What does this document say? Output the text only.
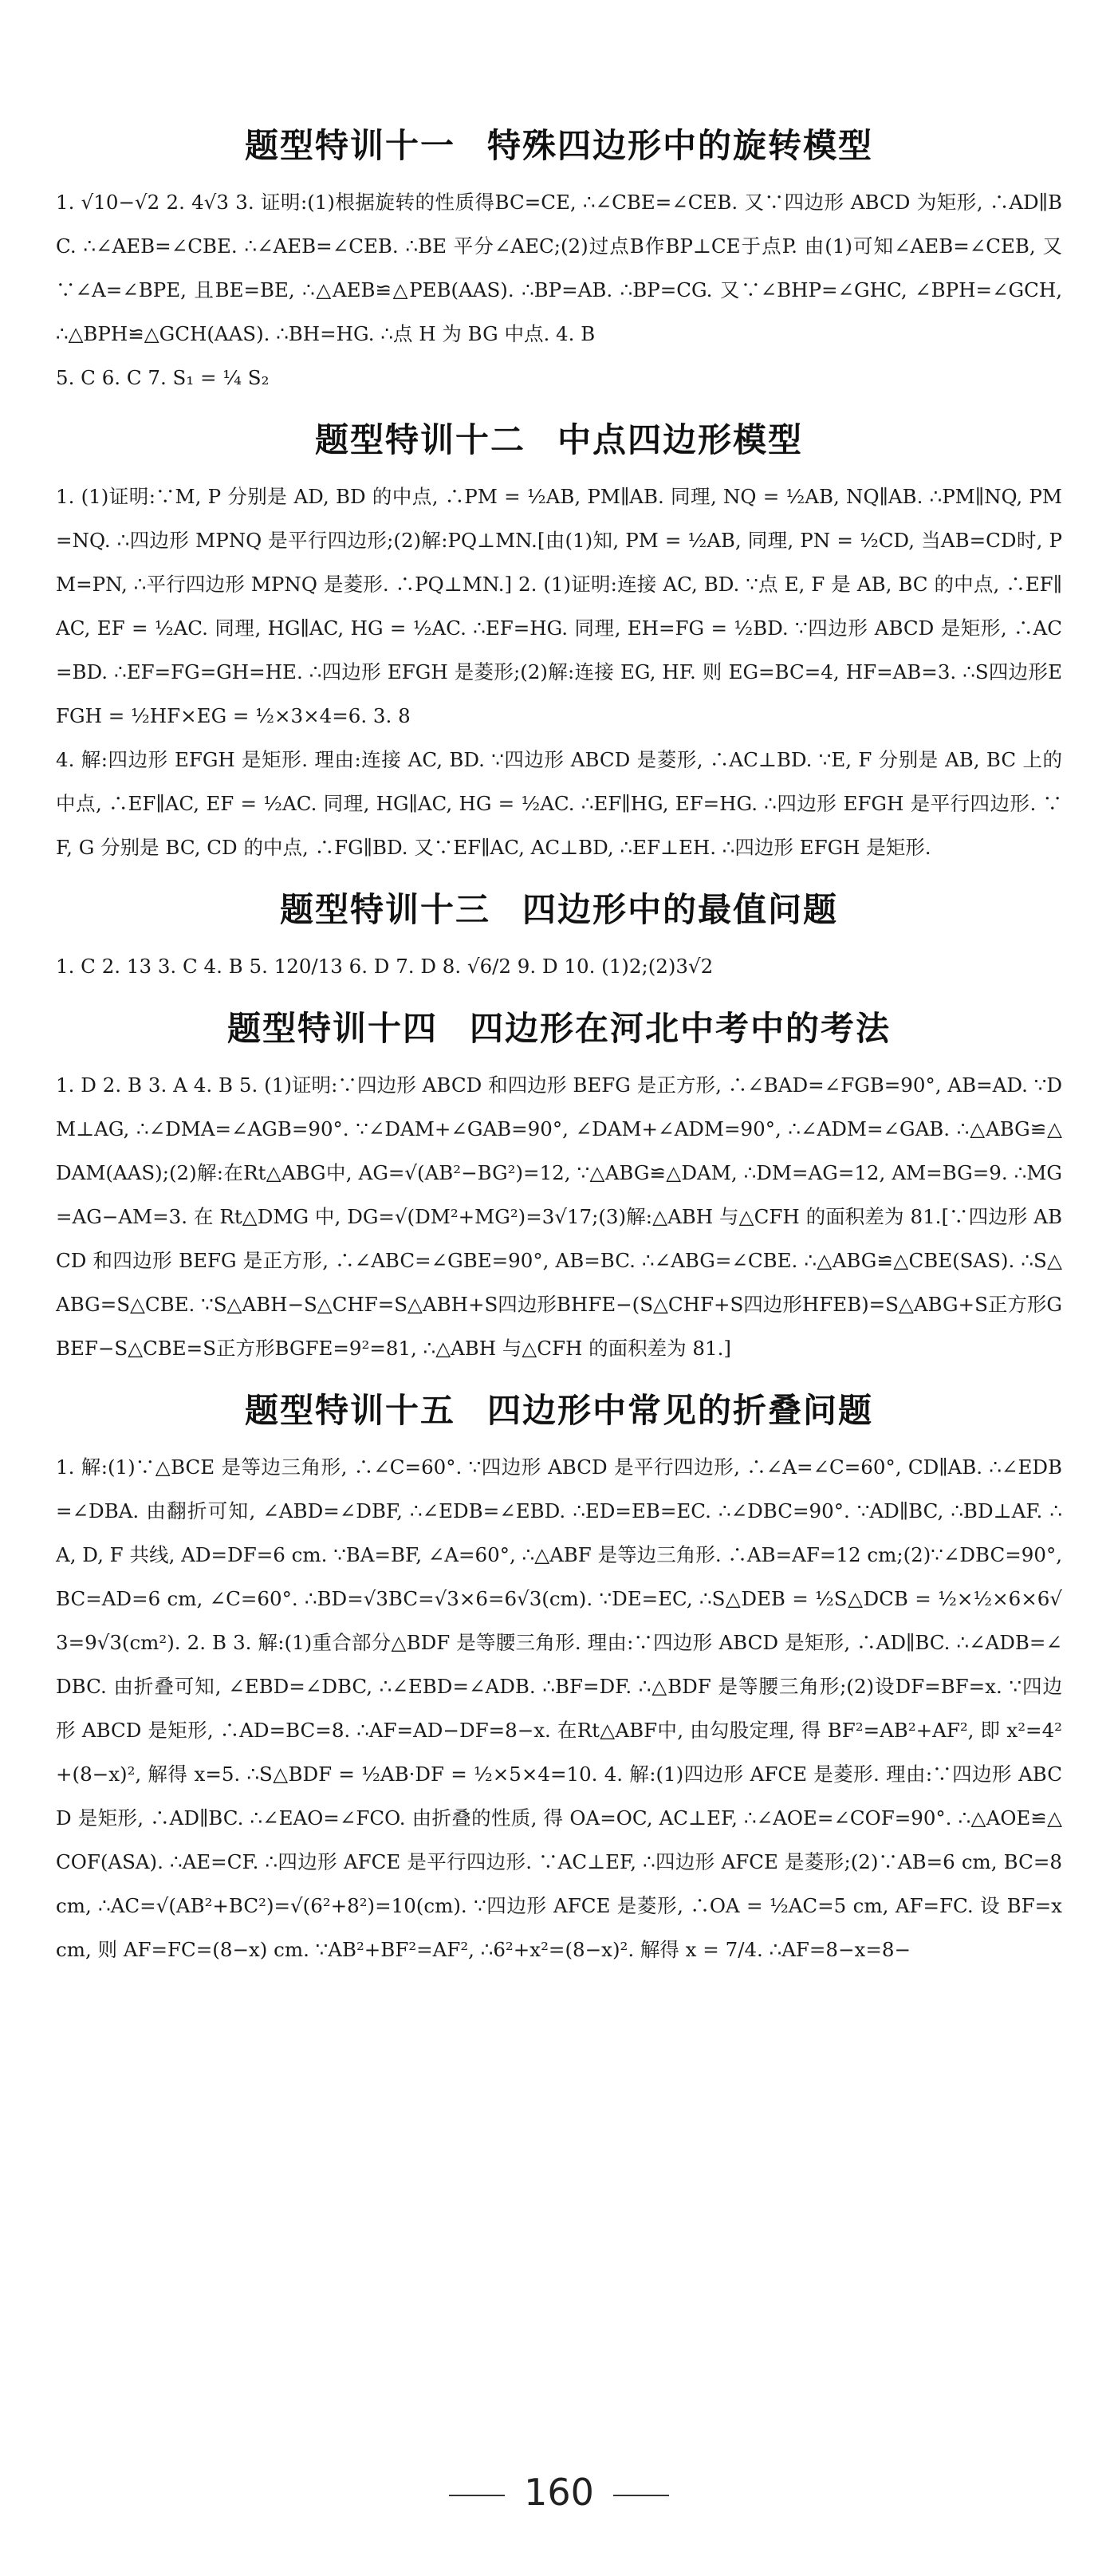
题型特训十一 特殊四边形中的旋转模型

1. √10−√2 2. 4√3 3. 证明:(1)根据旋转的性质得BC=CE, ∴∠CBE=∠CEB. 又∵四边形 ABCD 为矩形, ∴AD∥BC. ∴∠AEB=∠CBE. ∴∠AEB=∠CEB. ∴BE 平分∠AEC;(2)过点B作BP⊥CE于点P. 由(1)可知∠AEB=∠CEB, 又∵∠A=∠BPE, 且BE=BE, ∴△AEB≌△PEB(AAS). ∴BP=AB. ∴BP=CG. 又∵∠BHP=∠GHC, ∠BPH=∠GCH, ∴△BPH≌△GCH(AAS). ∴BH=HG. ∴点 H 为 BG 中点. 4. B

5. C 6. C 7. S₁ = ¼ S₂

题型特训十二 中点四边形模型

1. (1)证明:∵M, P 分别是 AD, BD 的中点, ∴PM = ½AB, PM∥AB. 同理, NQ = ½AB, NQ∥AB. ∴PM∥NQ, PM=NQ. ∴四边形 MPNQ 是平行四边形;(2)解:PQ⊥MN.[由(1)知, PM = ½AB, 同理, PN = ½CD, 当AB=CD时, PM=PN, ∴平行四边形 MPNQ 是菱形. ∴PQ⊥MN.] 2. (1)证明:连接 AC, BD. ∵点 E, F 是 AB, BC 的中点, ∴EF∥AC, EF = ½AC. 同理, HG∥AC, HG = ½AC. ∴EF=HG. 同理, EH=FG = ½BD. ∵四边形 ABCD 是矩形, ∴AC=BD. ∴EF=FG=GH=HE. ∴四边形 EFGH 是菱形;(2)解:连接 EG, HF. 则 EG=BC=4, HF=AB=3. ∴S四边形EFGH = ½HF×EG = ½×3×4=6. 3. 8

4. 解:四边形 EFGH 是矩形. 理由:连接 AC, BD. ∵四边形 ABCD 是菱形, ∴AC⊥BD. ∵E, F 分别是 AB, BC 上的中点, ∴EF∥AC, EF = ½AC. 同理, HG∥AC, HG = ½AC. ∴EF∥HG, EF=HG. ∴四边形 EFGH 是平行四边形. ∵F, G 分别是 BC, CD 的中点, ∴FG∥BD. 又∵EF∥AC, AC⊥BD, ∴EF⊥EH. ∴四边形 EFGH 是矩形.

题型特训十三 四边形中的最值问题

1. C 2. 13 3. C 4. B 5. 120/13 6. D 7. D 8. √6/2 9. D 10. (1)2;(2)3√2

题型特训十四 四边形在河北中考中的考法

1. D 2. B 3. A 4. B 5. (1)证明:∵四边形 ABCD 和四边形 BEFG 是正方形, ∴∠BAD=∠FGB=90°, AB=AD. ∵DM⊥AG, ∴∠DMA=∠AGB=90°. ∵∠DAM+∠GAB=90°, ∠DAM+∠ADM=90°, ∴∠ADM=∠GAB. ∴△ABG≌△DAM(AAS);(2)解:在Rt△ABG中, AG=√(AB²−BG²)=12, ∵△ABG≌△DAM, ∴DM=AG=12, AM=BG=9. ∴MG=AG−AM=3. 在 Rt△DMG 中, DG=√(DM²+MG²)=3√17;(3)解:△ABH 与△CFH 的面积差为 81.[∵四边形 ABCD 和四边形 BEFG 是正方形, ∴∠ABC=∠GBE=90°, AB=BC. ∴∠ABG=∠CBE. ∴△ABG≌△CBE(SAS). ∴S△ABG=S△CBE. ∵S△ABH−S△CHF=S△ABH+S四边形BHFE−(S△CHF+S四边形HFEB)=S△ABG+S正方形GBEF−S△CBE=S正方形BGFE=9²=81, ∴△ABH 与△CFH 的面积差为 81.]

题型特训十五 四边形中常见的折叠问题

1. 解:(1)∵△BCE 是等边三角形, ∴∠C=60°. ∵四边形 ABCD 是平行四边形, ∴∠A=∠C=60°, CD∥AB. ∴∠EDB=∠DBA. 由翻折可知, ∠ABD=∠DBF, ∴∠EDB=∠EBD. ∴ED=EB=EC. ∴∠DBC=90°. ∵AD∥BC, ∴BD⊥AF. ∴A, D, F 共线, AD=DF=6 cm. ∵BA=BF, ∠A=60°, ∴△ABF 是等边三角形. ∴AB=AF=12 cm;(2)∵∠DBC=90°, BC=AD=6 cm, ∠C=60°. ∴BD=√3BC=√3×6=6√3(cm). ∵DE=EC, ∴S△DEB = ½S△DCB = ½×½×6×6√3=9√3(cm²). 2. B 3. 解:(1)重合部分△BDF 是等腰三角形. 理由:∵四边形 ABCD 是矩形, ∴AD∥BC. ∴∠ADB=∠DBC. 由折叠可知, ∠EBD=∠DBC, ∴∠EBD=∠ADB. ∴BF=DF. ∴△BDF 是等腰三角形;(2)设DF=BF=x. ∵四边形 ABCD 是矩形, ∴AD=BC=8. ∴AF=AD−DF=8−x. 在Rt△ABF中, 由勾股定理, 得 BF²=AB²+AF², 即 x²=4²+(8−x)², 解得 x=5. ∴S△BDF = ½AB·DF = ½×5×4=10. 4. 解:(1)四边形 AFCE 是菱形. 理由:∵四边形 ABCD 是矩形, ∴AD∥BC. ∴∠EAO=∠FCO. 由折叠的性质, 得 OA=OC, AC⊥EF, ∴∠AOE=∠COF=90°. ∴△AOE≌△COF(ASA). ∴AE=CF. ∴四边形 AFCE 是平行四边形. ∵AC⊥EF, ∴四边形 AFCE 是菱形;(2)∵AB=6 cm, BC=8 cm, ∴AC=√(AB²+BC²)=√(6²+8²)=10(cm). ∵四边形 AFCE 是菱形, ∴OA = ½AC=5 cm, AF=FC. 设 BF=x cm, 则 AF=FC=(8−x) cm. ∵AB²+BF²=AF², ∴6²+x²=(8−x)². 解得 x = 7/4. ∴AF=8−x=8−

160
